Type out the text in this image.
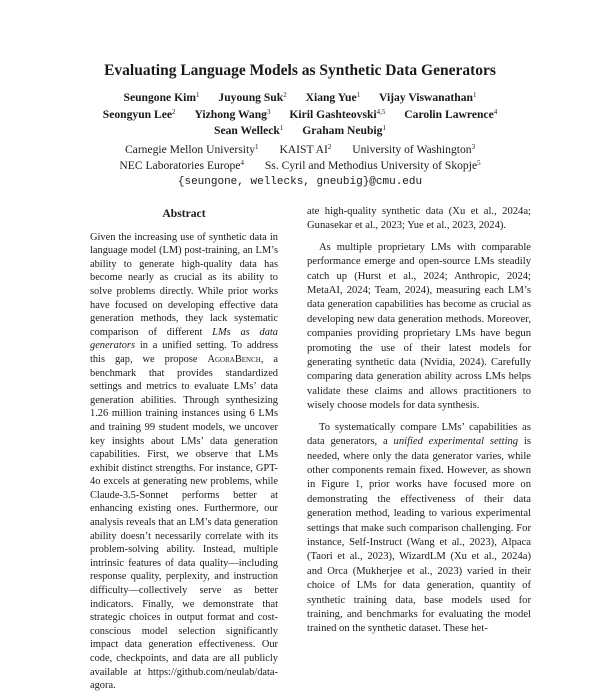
Evaluating Language Models as Synthetic Data Generators
Seungone Kim$^1$ Juyoung Suk$^2$ Xiang Yue$^1$ Vijay Viswanathan$^1$
Seongyun Lee$^2$ Yizhong Wang$^3$ Kiril Gashteovski$^{4,5}$ Carolin Lawrence$^4$
Sean Welleck$^1$ Graham Neubig$^1$
Carnegie Mellon University$^1$ KAIST $AI^2$ University of Washington$^3$
NEC Laboratories Europe$^4$ Ss. Cyril and Methodius University of Skopje$^5$
{seungone, wellecks, gneubig}@cmu.edu
Abstract

Given the increasing use of synthetic data in language model (LM) post-training, an LM’s ability to generate high-quality data has become nearly as crucial as its ability to solve problems directly. While prior works have focused on developing effective data generation methods, they lack systematic comparison of different LMs as data generators in a unified setting. To address this gap, we propose AgoraBench, a benchmark that provides standardized settings and metrics to evaluate LMs’ data generation abilities. Through synthesizing 1.26 million training instances using 6 LMs and training 99 student models, we uncover key insights about LMs’ data generation capabilities. First, we observe that LMs exhibit distinct strengths. For instance, GPT-4o excels at generating new problems, while Claude-3.5-Sonnet performs better at enhancing existing ones. Furthermore, our analysis reveals that an LM’s data generation ability doesn’t necessarily correlate with its problem-solving ability. Instead, multiple intrinsic features of data quality—including response quality, perplexity, and instruction difficulty—collectively serve as better indicators. Finally, we demonstrate that strategic choices in output format and cost-conscious model selection significantly impact data generation effectiveness. Our code, checkpoints, and data are all publicly available at https://github.com/neulab/data-agora.

ate high-quality synthetic data (Xu et al., 2024a; Gunasekar et al., 2023; Yue et al., 2023, 2024).

As multiple proprietary LMs with comparable performance emerge and open-source LMs steadily catch up (Hurst et al., 2024; Anthropic, 2024; MetaAI, 2024; Team, 2024), measuring each LM’s data generation capabilities has become as crucial as developing new data generation methods. Moreover, companies providing proprietary LMs have begun promoting the use of their latest models for generating synthetic data (Nvidia, 2024). Carefully comparing data generation ability across LMs helps validate these claims and allows practitioners to wisely choose models for data synthesis.

To systematically compare LMs’ capabilities as data generators, a unified experimental setting is needed, where only the data generator varies, while other components remain fixed. However, as shown in Figure 1, prior works have focused more on demonstrating the effectiveness of their data generation method, leading to various experimental settings that make such comparison challenging. For instance, Self-Instruct (Wang et al., 2023), Alpaca (Taori et al., 2023), WizardLM (Xu et al., 2024a) and Orca (Mukherjee et al., 2023) varied in their choice of LMs for data generation, quantity of synthetic training data, base models used for training, and benchmarks for evaluating the model trained on the synthetic dataset. These het-
